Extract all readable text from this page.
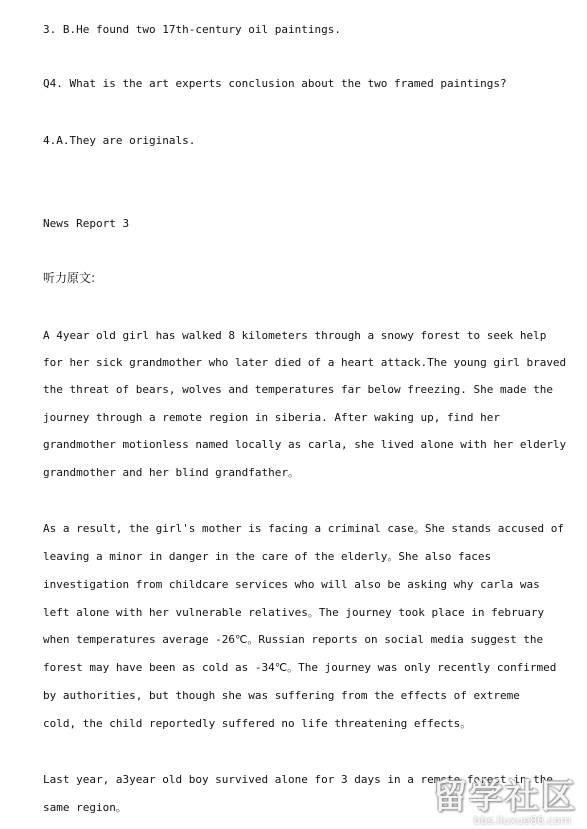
3. B.He found two 17th-century oil paintings.
Q4. What is the art experts conclusion about the two framed paintings?
4.A.They are originals.
News Report 3
听力原文:
A 4year old girl has walked 8 kilometers through a snowy forest to seek help
for her sick grandmother who later died of a heart attack.The young girl braved
the threat of bears, wolves and temperatures far below freezing. She made the
journey through a remote region in siberia. After waking up, find her
grandmother motionless named locally as carla, she lived alone with her elderly
grandmother and her blind grandfather。
As a result, the girl's mother is facing a criminal case。She stands accused of
leaving a minor in danger in the care of the elderly。She also faces
investigation from childcare services who will also be asking why carla was
left alone with her vulnerable relatives。The journey took place in february
when temperatures average -26℃。Russian reports on social media suggest the
forest may have been as cold as -34℃。The journey was only recently confirmed
by authorities, but though she was suffering from the effects of extreme
cold, the child reportedly suffered no life threatening effects。
Last year, a3year old boy survived alone for 3 days in a remote forest in the
same region。	留学社区
bbs.liuxue86.com
